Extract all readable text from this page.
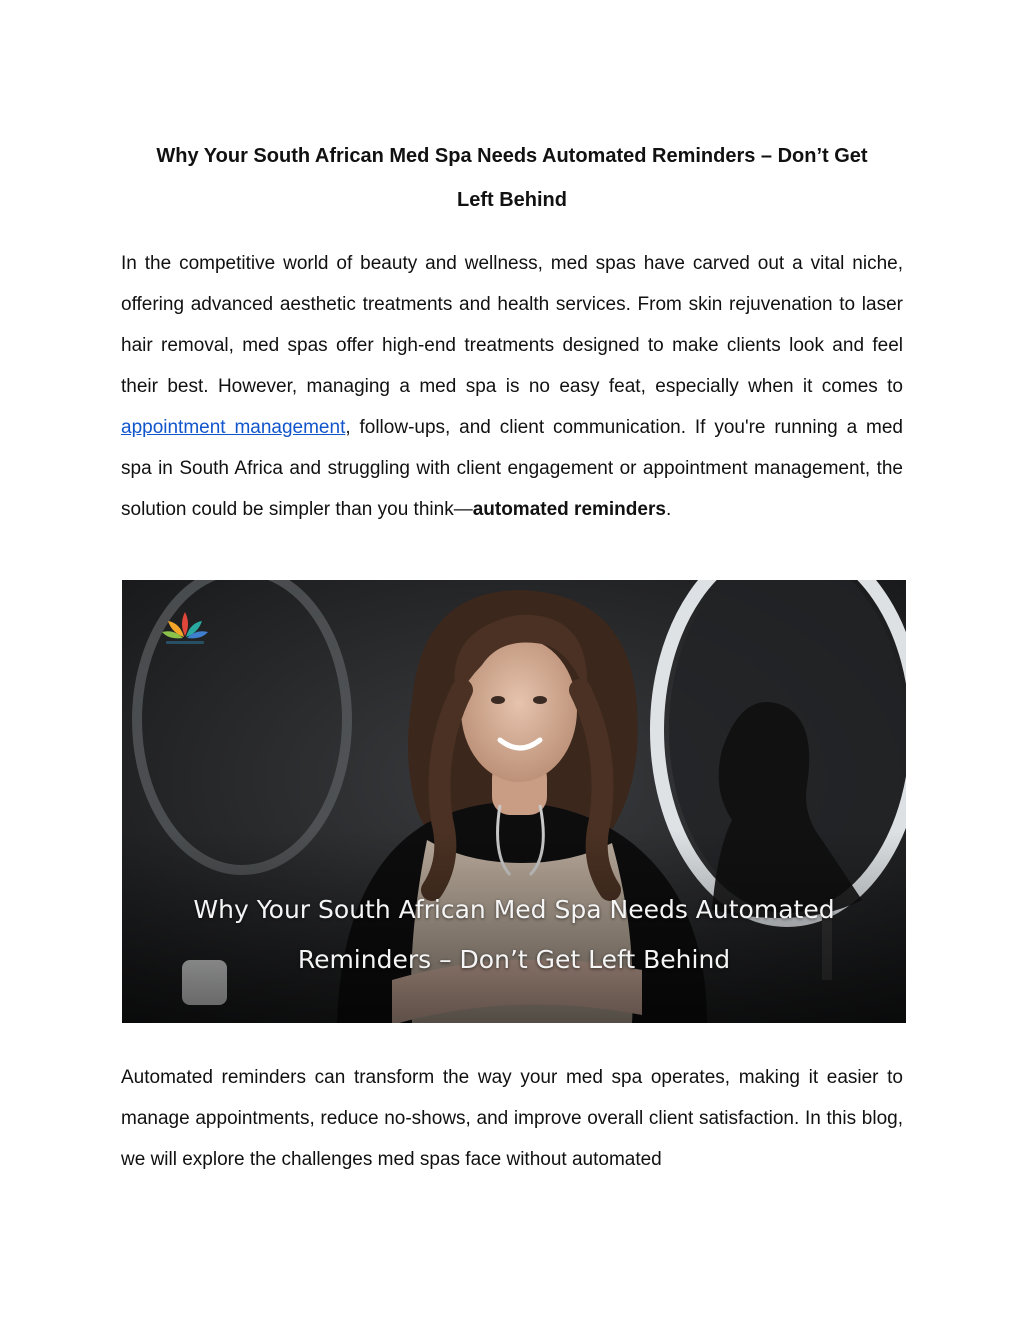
Why Your South African Med Spa Needs Automated Reminders – Don’t Get
Left Behind

In the competitive world of beauty and wellness, med spas have carved out a vital niche, offering advanced aesthetic treatments and health services. From skin rejuvenation to laser hair removal, med spas offer high-end treatments designed to make clients look and feel their best. However, managing a med spa is no easy feat, especially when it comes to appointment management, follow-ups, and client communication. If you're running a med spa in South Africa and struggling with client engagement or appointment management, the solution could be simpler than you think—automated reminders.

Why Your South African Med Spa Needs Automated
Reminders – Don’t Get Left Behind

Automated reminders can transform the way your med spa operates, making it easier to manage appointments, reduce no-shows, and improve overall client satisfaction. In this blog, we will explore the challenges med spas face without automated
